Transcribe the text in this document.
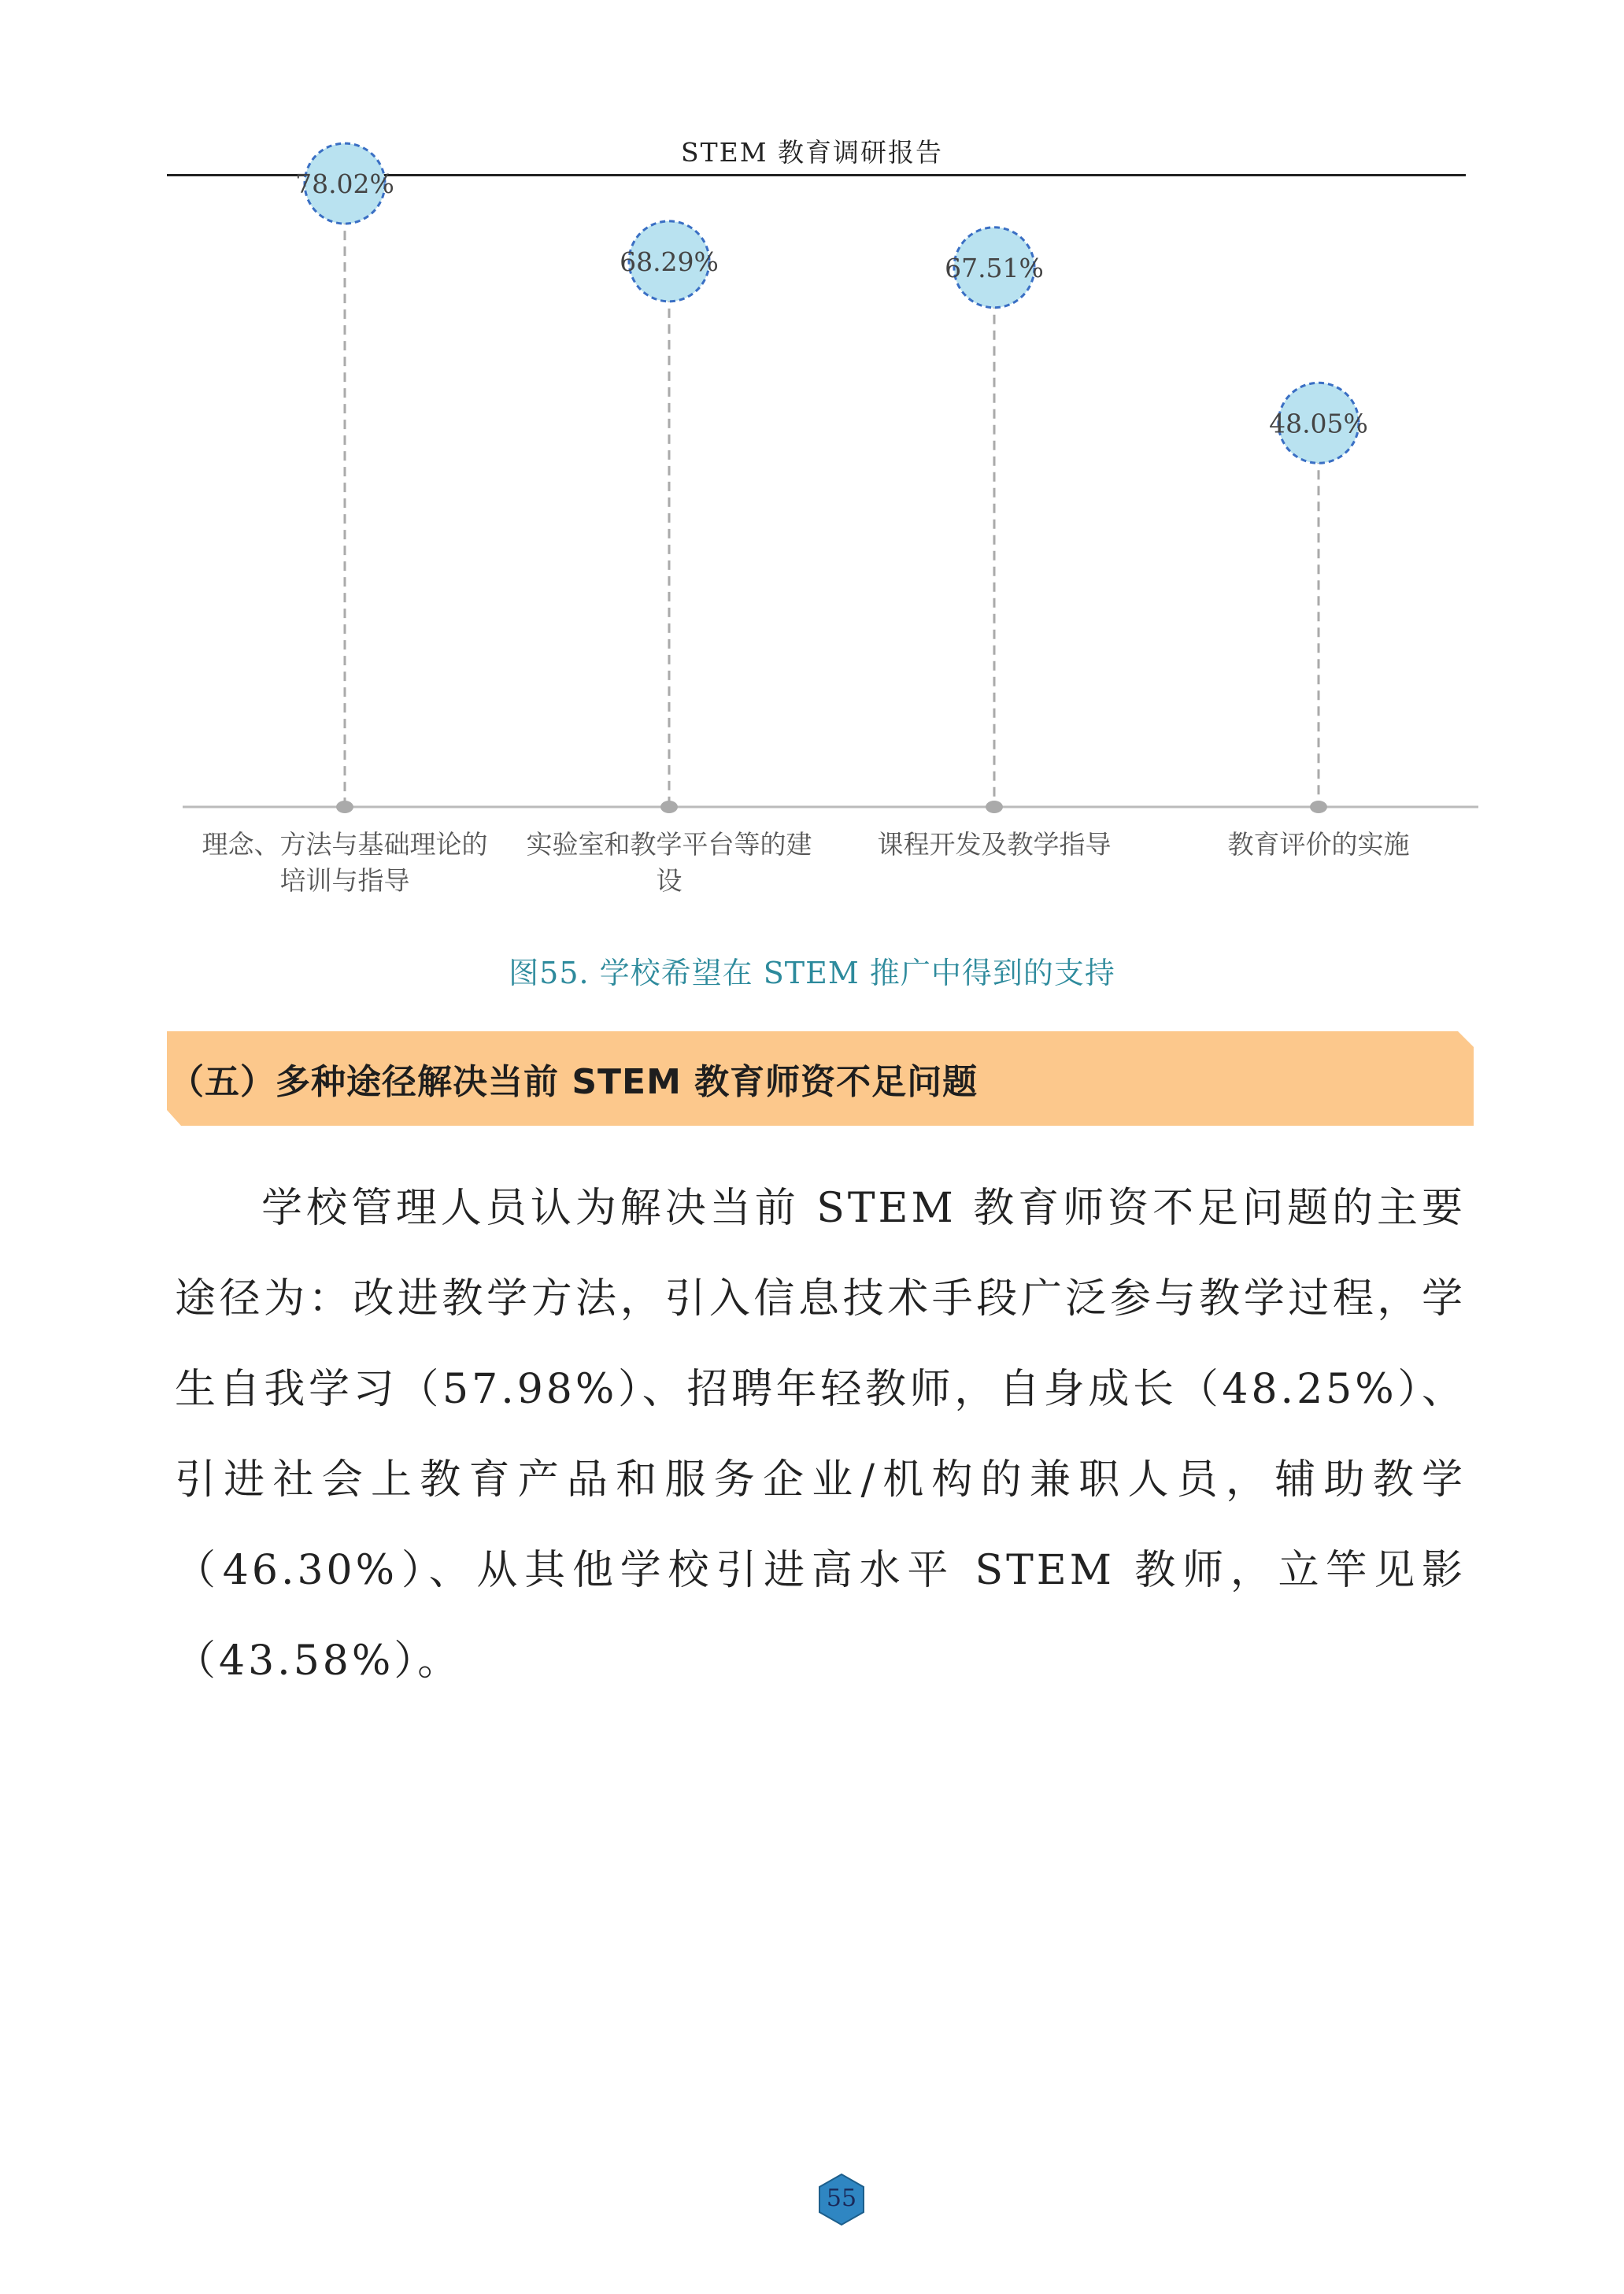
STEM 教育调研报告
78.02%
68.29%	67.51%
48.05%
理念、方法与基础理论的
培训与指导
实验室和教学平台等的建
设
课程开发及教学指导	教育评价的实施
图55. 学校希望在 STEM 推广中得到的支持
（五）多种途径解决当前 STEM 教育师资不足问题
学校管理人员认为解决当前 STEM 教育师资不足问题的主要途径为：改进教学方法，引入信息技术手段广泛参与教学过程，学生自我学习（57.98%）、招聘年轻教师，自身成长（48.25%）、引进社会上教育产品和服务企业/机构的兼职人员，辅助教学（46.30%）、从其他学校引进高水平 STEM 教师，立竿见影（43.58%）。
55
